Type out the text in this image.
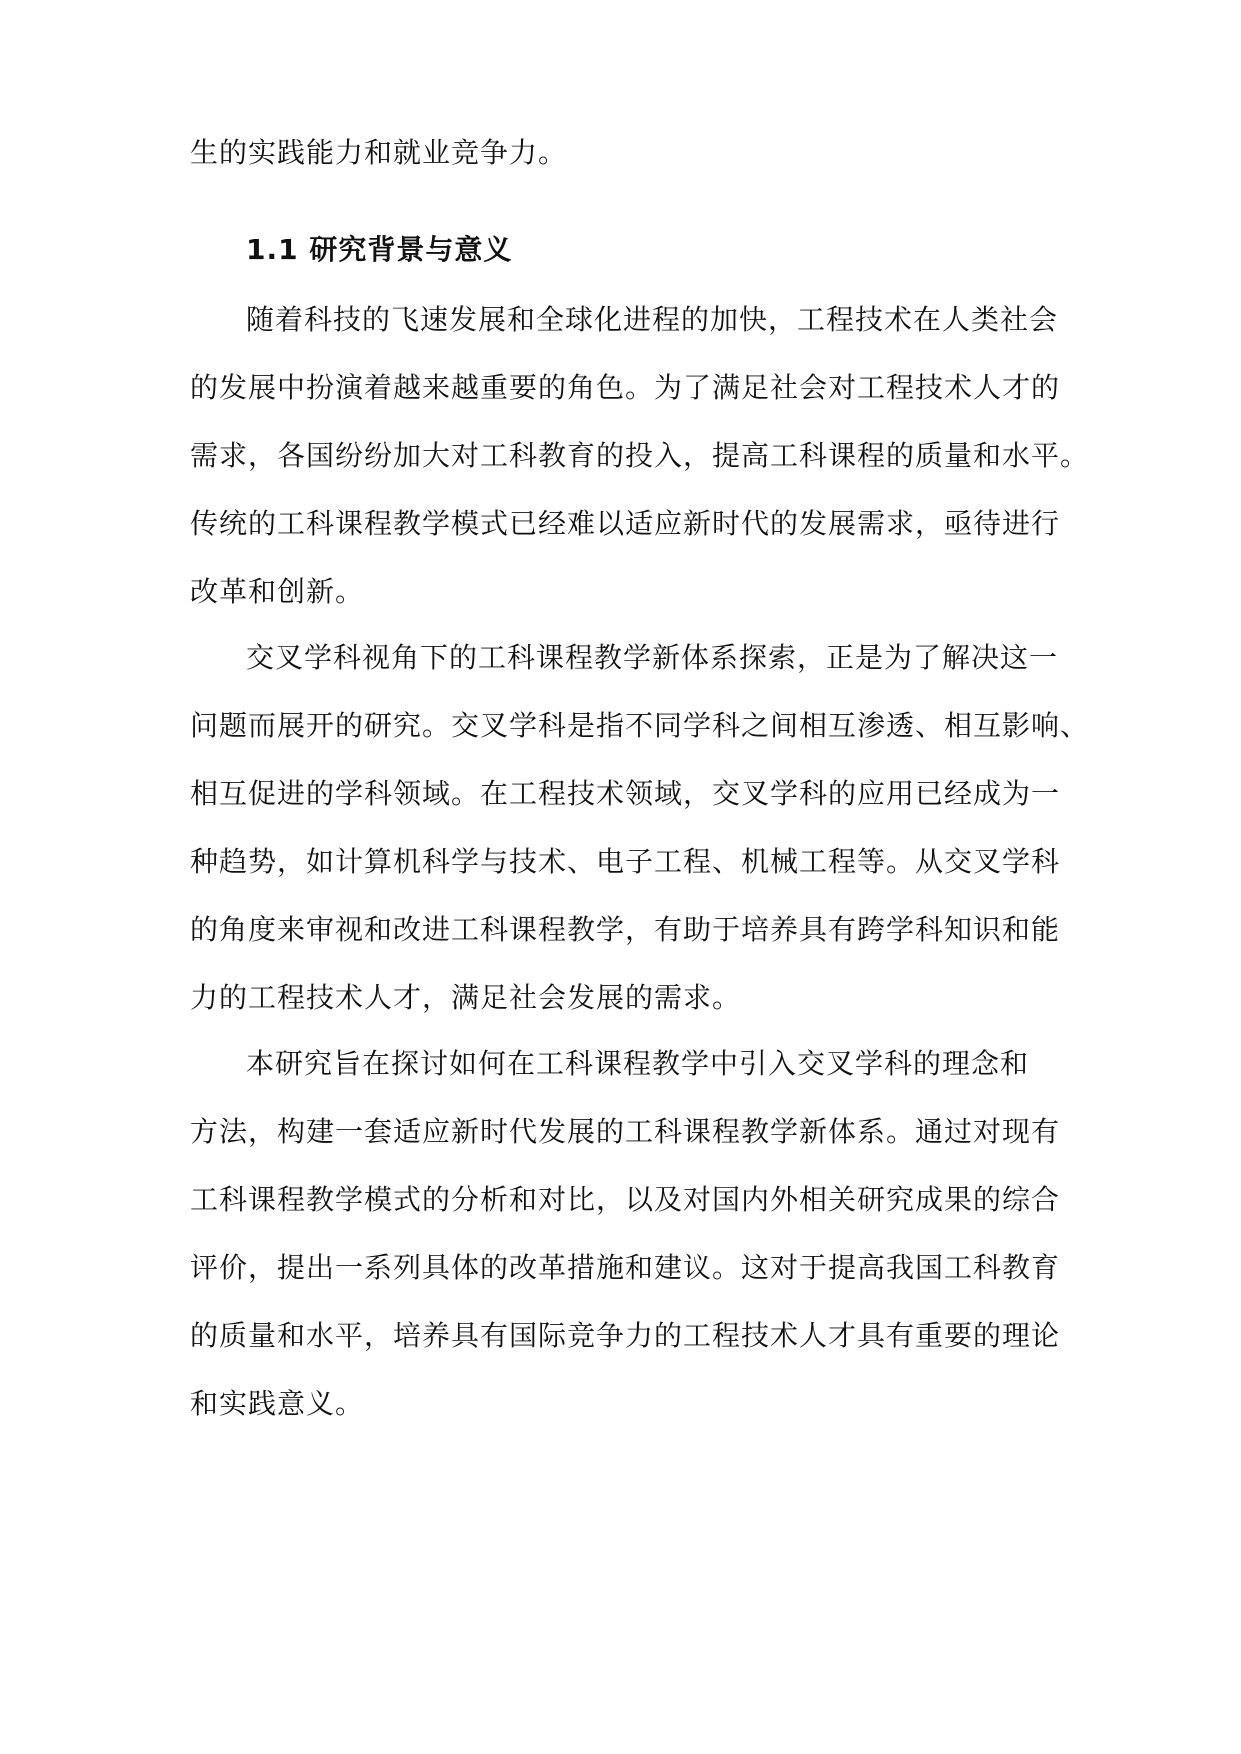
生的实践能力和就业竞争力。
1.1 研究背景与意义
随着科技的飞速发展和全球化进程的加快，工程技术在人类社会
的发展中扮演着越来越重要的角色。为了满足社会对工程技术人才的
需求，各国纷纷加大对工科教育的投入，提高工科课程的质量和水平。
传统的工科课程教学模式已经难以适应新时代的发展需求，亟待进行
改革和创新。
交叉学科视角下的工科课程教学新体系探索，正是为了解决这一
问题而展开的研究。交叉学科是指不同学科之间相互渗透、相互影响、
相互促进的学科领域。在工程技术领域，交叉学科的应用已经成为一
种趋势，如计算机科学与技术、电子工程、机械工程等。从交叉学科
的角度来审视和改进工科课程教学，有助于培养具有跨学科知识和能
力的工程技术人才，满足社会发展的需求。
本研究旨在探讨如何在工科课程教学中引入交叉学科的理念和
方法，构建一套适应新时代发展的工科课程教学新体系。通过对现有
工科课程教学模式的分析和对比，以及对国内外相关研究成果的综合
评价，提出一系列具体的改革措施和建议。这对于提高我国工科教育
的质量和水平，培养具有国际竞争力的工程技术人才具有重要的理论
和实践意义。
